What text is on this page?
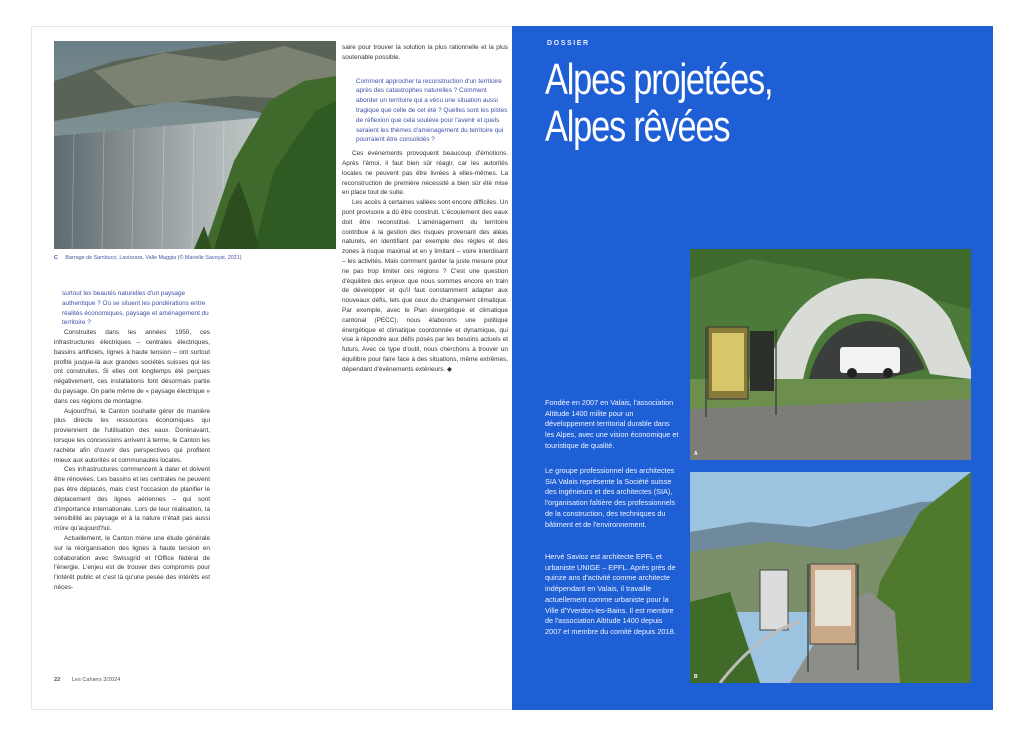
C Barrage de Sambuco, Lavizzara, Valle Maggia (© Marielle Savoyat, 2021)

surtout les beautés naturelles d'un paysage authentique ? Où se situent les pondérations entre réalités économiques, paysage et aménagement du territoire ?

Construites dans les années 1950, ces infrastructures électriques – centrales électriques, bassins artificiels, lignes à haute tension – ont surtout profité jusque-là aux grandes sociétés suisses qui les ont construites. Si elles ont longtemps été perçues négativement, ces installations font désormais partie du paysage. On parle même de « paysage électrique » dans ces régions de montagne.

Aujourd'hui, le Canton souhaite gérer de manière plus directe les ressources économiques qui proviennent de l'utilisation des eaux. Dorénavant, lorsque les concessions arrivent à terme, le Canton les rachète afin d'ouvrir des perspectives qui profitent mieux aux autorités et communautés locales.

Ces infrastructures commencent à dater et doivent être rénovées. Les bassins et les centrales ne peuvent pas être déplacés, mais c'est l'occasion de planifier le déplacement des lignes aériennes – qui sont d'importance internationale. Lors de leur réalisation, la sensibilité au paysage et à la nature n'était pas aussi mûre qu'aujourd'hui.

Actuellement, le Canton mène une étude générale sur la réorganisation des lignes à haute tension en collaboration avec Swissgrid et l'Office fédéral de l'énergie. L'enjeu est de trouver des compromis pour l'intérêt public et c'est là qu'une pesée des intérêts est néces-

saire pour trouver la solution la plus rationnelle et la plus soutenable possible.

Comment approcher la reconstruction d'un territoire après des catastrophes naturelles ? Comment aborder un territoire qui a vécu une situation aussi tragique que celle de cet été ? Quelles sont les pistes de réflexion que cela soulève pour l'avenir et quels seraient les thèmes d'aménagement du territoire qui pourraient être consolidés ?

Ces événements provoquent beaucoup d'émotions. Après l'émoi, il faut bien sûr réagir, car les autorités locales ne peuvent pas être livrées à elles-mêmes. La reconstruction de première nécessité a bien sûr été mise en place tout de suite.

Les accès à certaines vallées sont encore difficiles. Un pont provisoire a dû être construit. L'écoulement des eaux doit être reconstitué. L'aménagement du territoire contribue à la gestion des risques provenant des aléas naturels, en identifiant par exemple des règles et des zones à risque maximal et en y limitant – voire interdisant – les activités. Mais comment garder la juste mesure pour ne pas trop limiter ces régions ? C'est une question d'équilibre des enjeux que nous sommes encore en train de développer et qu'il faut constamment adapter aux nouveaux défis, tels que ceux du changement climatique. Par exemple, avec le Plan énergétique et climatique cantonal (PECC), nous élaborons une politique énergétique et climatique coordonnée et dynamique, qui vise à répondre aux défis posés par les besoins actuels et futurs. Avec ce type d'outil, nous cherchons à trouver un équilibre pour faire face à des situations, même extrêmes, dépendant d'événements extérieurs. ◆

22 Les Cahiers 3/2024
DOSSIER
Alpes projetées,
Alpes rêvées
A
B
Fondée en 2007 en Valais, l'association Altitude 1400 milite pour un développement territorial durable dans les Alpes, avec une vision économique et touristique de qualité.
Le groupe professionnel des architectes SIA Valais représente la Société suisse des ingénieurs et des architectes (SIA), l'organisation faîtière des professionnels de la construction, des techniques du bâtiment et de l'environnement.
Hervé Savioz est architecte EPFL et urbaniste UNIGE – EPFL. Après près de quinze ans d'activité comme architecte indépendant en Valais, il travaille actuellement comme urbaniste pour la Ville d'Yverdon-les-Bains. Il est membre de l'association Altitude 1400 depuis 2007 et membre du comité depuis 2018.
